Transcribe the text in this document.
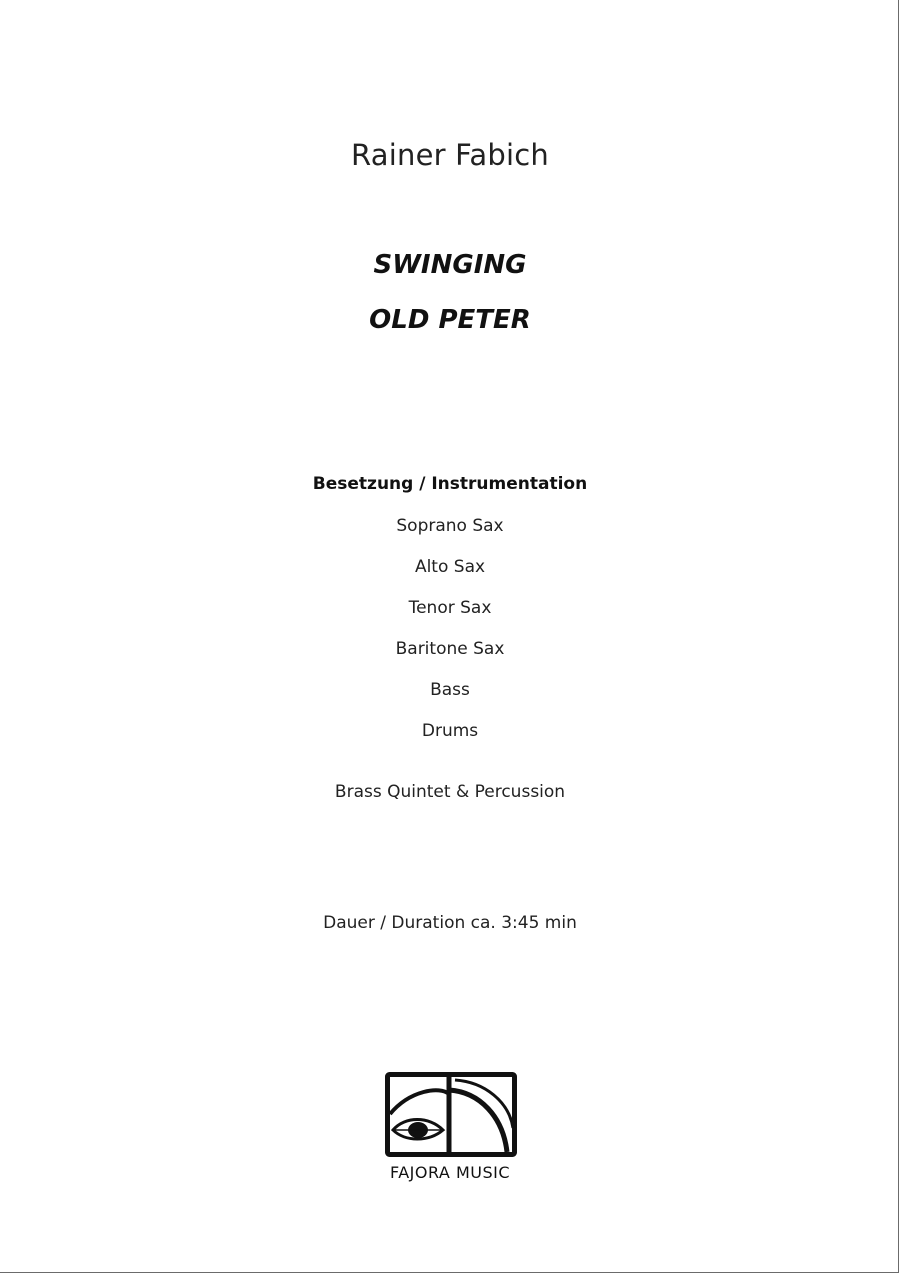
Rainer Fabich
SWINGING
OLD PETER
Besetzung / Instrumentation
Soprano Sax
Alto Sax
Tenor Sax
Baritone Sax
Bass
Drums
Brass Quintet & Percussion
Dauer / Duration ca. 3:45 min
FAJORA MUSIC
